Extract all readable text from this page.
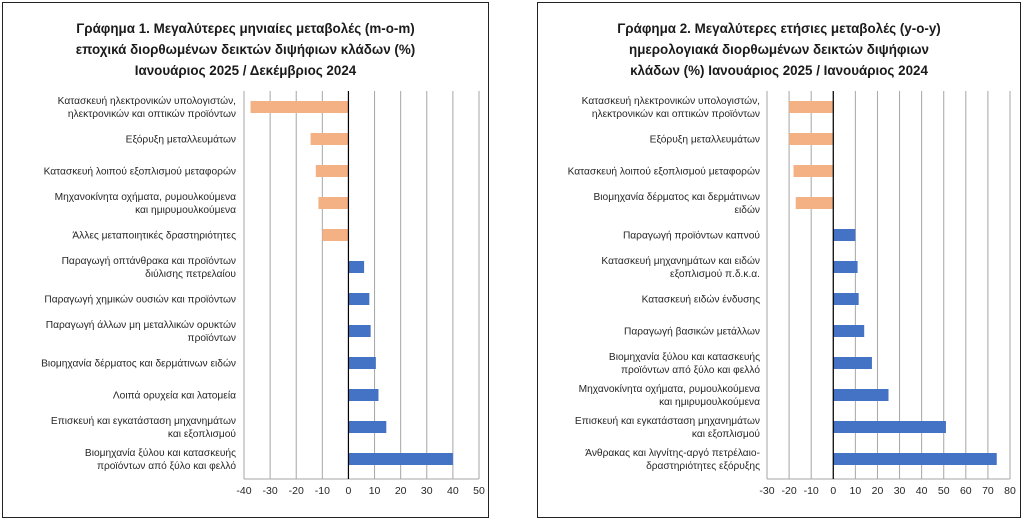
Γράφημα 1. Μεγαλύτερες μηνιαίες μεταβολές (m-o-m)
εποχικά διορθωμένων δεικτών διψήφιων κλάδων (%)
Ιανουάριος 2025 / Δεκέμβριος 2024
Γράφημα 2. Μεγαλύτερες ετήσιες μεταβολές (y-o-y)
ημερολογιακά διορθωμένων δεικτών διψήφιων
κλάδων (%) Ιανουάριος 2025 / Ιανουάριος 2024
Κατασκευή ηλεκτρονικών υπολογιστών, ηλεκτρονικών και οπτικών προϊόντων
Εξόρυξη μεταλλευμάτων
Κατασκευή λοιπού εξοπλισμού μεταφορών
Μηχανοκίνητα οχήματα, ρυμουλκούμενα και ημιρυμουλκούμενα
Άλλες μεταποιητικές δραστηριότητες
Παραγωγή οπτάνθρακα και προϊόντων διύλισης πετρελαίου
Παραγωγή χημικών ουσιών και προϊόντων
Παραγωγή άλλων μη μεταλλικών ορυκτών προϊόντων
Βιομηχανία δέρματος και δερμάτινων ειδών
Λοιπά ορυχεία και λατομεία
Επισκευή και εγκατάσταση μηχανημάτων και εξοπλισμού
Βιομηχανία ξύλου και κατασκευής προϊόντων από ξύλο και φελλό
-40 -30 -20 -10 0 10 20 30 40 50
Κατασκευή ηλεκτρονικών υπολογιστών, ηλεκτρονικών και οπτικών προϊόντων
Εξόρυξη μεταλλευμάτων
Κατασκευή λοιπού εξοπλισμού μεταφορών
Βιομηχανία δέρματος και δερμάτινων ειδών
Παραγωγή προϊόντων καπνού
Κατασκευή μηχανημάτων και ειδών εξοπλισμού π.δ.κ.α.
Κατασκευή ειδών ένδυσης
Παραγωγή βασικών μετάλλων
Βιομηχανία ξύλου και κατασκευής προϊόντων από ξύλο και φελλό
Μηχανοκίνητα οχήματα, ρυμουλκούμενα και ημιρυμουλκούμενα
Επισκευή και εγκατάσταση μηχανημάτων και εξοπλισμού
Άνθρακας και λιγνίτης-αργό πετρέλαιο-δραστηριότητες εξόρυξης
-30 -20 -10 0 10 20 30 40 50 60 70 80
